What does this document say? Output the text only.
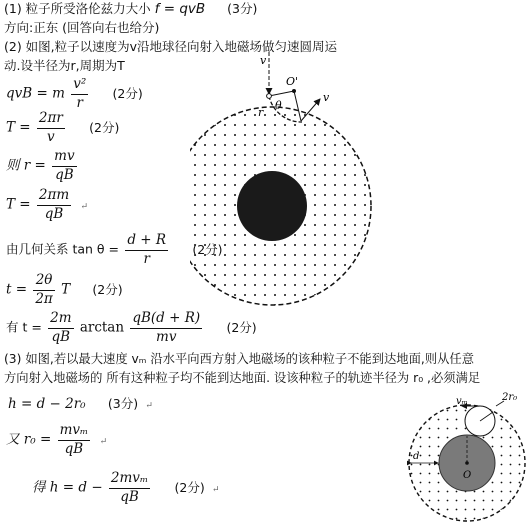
(1) 粒子所受洛伦兹力大小 f = qvB (3分)
方向:正东 (回答向右也给分)
(2) 如图,粒子以速度为v沿地球径向射入地磁场做匀速圆周运
动.设半径为r,周期为T
qvB = m $\frac{\text{v²}}{r} (2$分)
$T = \frac{2\pi r}{v} (2$分)
则 $r = \frac{mv}{qB}$
$T = \frac{2\pi m}{qB}$ ↵
由几何关系 $\tan \theta = \frac{d + R}{r}$
$t = \frac{2\theta}{2\pi}$ T (2分)
有 $t = \frac{2m}{qB}$ $\arctan \frac{qB(d + R)}{mv} (2$分)
(3) 如图,若以最大速度 vₘ 沿水平向西方射入地磁场的该种粒子不能到达地面,则从任意
方向射入地磁场的 所有这种粒子均不能到达地面. 设该种粒子的轨迹半径为 r₀ ,必须满足
h = d − 2r₀ (3分) ↵
又 $r_0 = \frac{\text{mvₘ}}{qB}$ ↵
得 $h = d - \frac{\text{2mvₘ}}{qB} (2$分) ↵
v
O'
θ
v
r
vₘ	2r₀
d
O
